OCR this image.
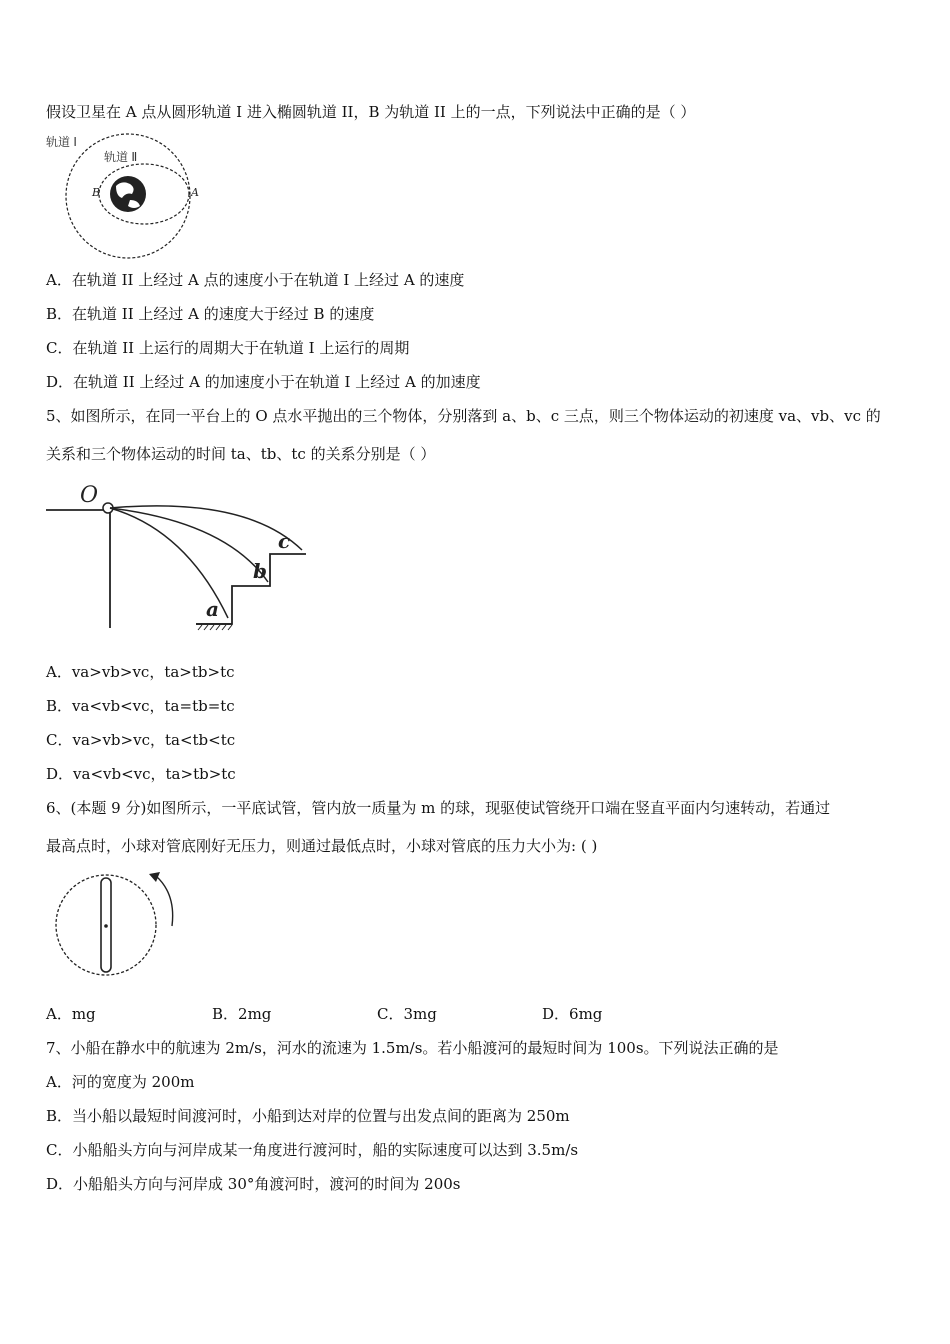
假设卫星在 A 点从圆形轨道 I 进入椭圆轨道 II，B 为轨道 II 上的一点，下列说法中正确的是（ ）
轨道 Ⅰ
轨道 Ⅱ
B	A
A．在轨道 II 上经过 A 点的速度小于在轨道 I 上经过 A 的速度
B．在轨道 II 上经过 A 的速度大于经过 B 的速度
C．在轨道 II 上运行的周期大于在轨道 I 上运行的周期
D．在轨道 II 上经过 A 的加速度小于在轨道 I 上经过 A 的加速度
5、如图所示，在同一平台上的 O 点水平抛出的三个物体，分别落到 a、b、c 三点，则三个物体运动的初速度 va、vb、vc 的
关系和三个物体运动的时间 ta、tb、tc 的关系分别是（ ）
O
a
b
c
A．va>vb>vc，ta>tb>tc
B．va<vb<vc，ta=tb=tc
C．va>vb>vc，ta<tb<tc
D．va<vb<vc，ta>tb>tc
6、(本题 9 分)如图所示，一平底试管，管内放一质量为 m 的球，现驱使试管绕开口端在竖直平面内匀速转动，若通过
最高点时，小球对管底刚好无压力，则通过最低点时，小球对管底的压力大小为: ( )
A．mg	B．2mg	C．3mg	D．6mg
7、小船在静水中的航速为 2m/s，河水的流速为 1.5m/s。若小船渡河的最短时间为 100s。下列说法正确的是
A．河的宽度为 200m
B．当小船以最短时间渡河时，小船到达对岸的位置与出发点间的距离为 250m
C．小船船头方向与河岸成某一角度进行渡河时，船的实际速度可以达到 3.5m/s
D．小船船头方向与河岸成 30°角渡河时，渡河的时间为 200s
